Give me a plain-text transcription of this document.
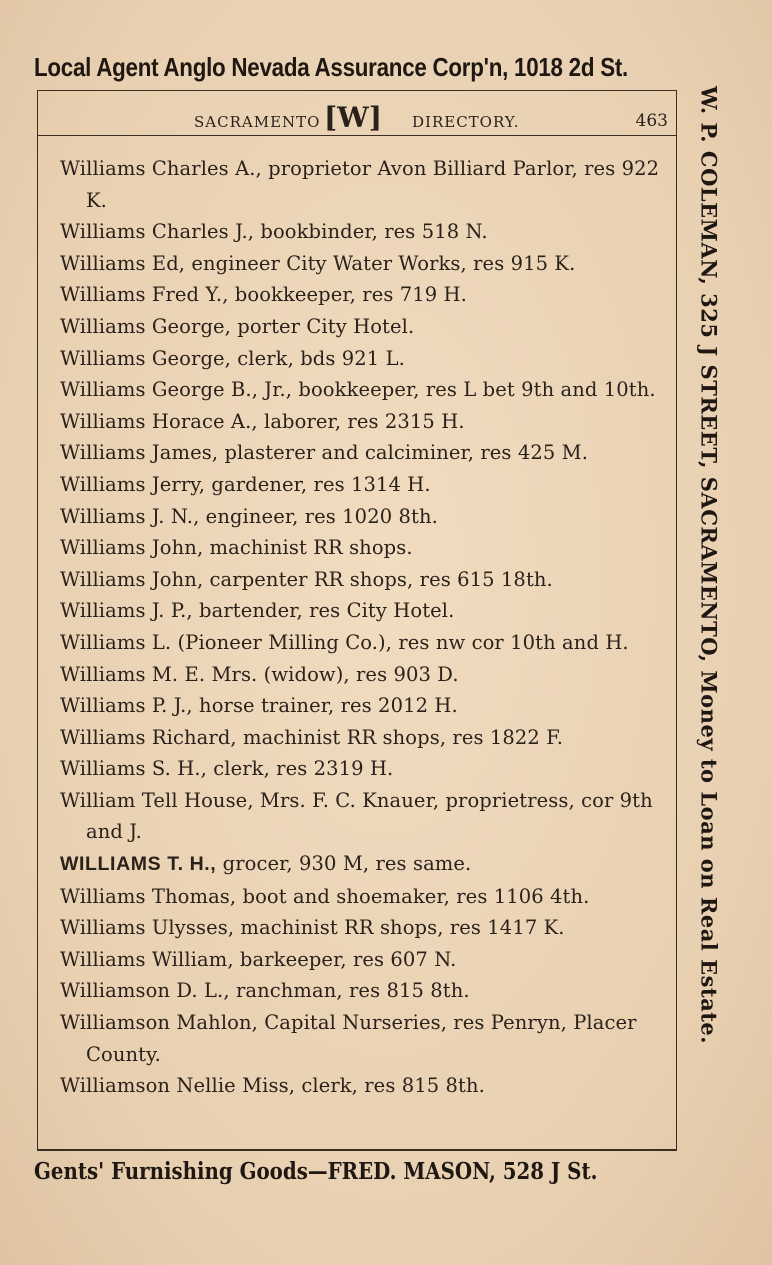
Local Agent Anglo Nevada Assurance Corp'n, 1018 2d St.
SACRAMENTO [W] DIRECTORY.	463
Williams Charles A., proprietor Avon Billiard Parlor, res 922 K.
Williams Charles J., bookbinder, res 518 N.
Williams Ed, engineer City Water Works, res 915 K.
Williams Fred Y., bookkeeper, res 719 H.
Williams George, porter City Hotel.
Williams George, clerk, bds 921 L.
Williams George B., Jr., bookkeeper, res L bet 9th and 10th.
Williams Horace A., laborer, res 2315 H.
Williams James, plasterer and calciminer, res 425 M.
Williams Jerry, gardener, res 1314 H.
Williams J. N., engineer, res 1020 8th.
Williams John, machinist RR shops.
Williams John, carpenter RR shops, res 615 18th.
Williams J. P., bartender, res City Hotel.
Williams L. (Pioneer Milling Co.), res nw cor 10th and H.
Williams M. E. Mrs. (widow), res 903 D.
Williams P. J., horse trainer, res 2012 H.
Williams Richard, machinist RR shops, res 1822 F.
Williams S. H., clerk, res 2319 H.
William Tell House, Mrs. F. C. Knauer, proprietress, cor 9th and J.
WILLIAMS T. H., grocer, 930 M, res same.
Williams Thomas, boot and shoemaker, res 1106 4th.
Williams Ulysses, machinist RR shops, res 1417 K.
Williams William, barkeeper, res 607 N.
Williamson D. L., ranchman, res 815 8th.
Williamson Mahlon, Capital Nurseries, res Penryn, Placer County.
Williamson Nellie Miss, clerk, res 815 8th.
W. P. COLEMAN, 325 J STREET, SACRAMENTO, Money to Loan on Real Estate.
Gents' Furnishing Goods—FRED. MASON, 528 J St.
